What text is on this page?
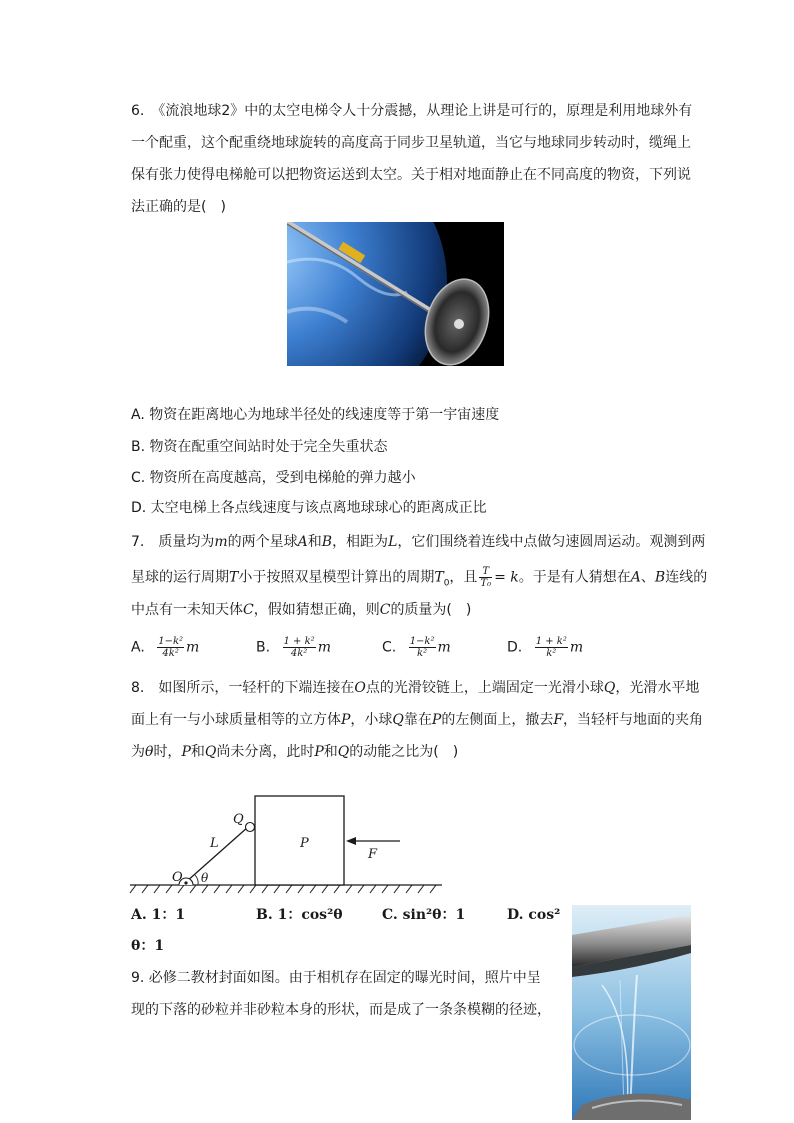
6.　《流浪地球2》中的太空电梯令人十分震撼，从理论上讲是可行的，原理是利用地球外有
一个配重，这个配重绕地球旋转的高度高于同步卫星轨道，当它与地球同步转动时，缆绳上
保有张力使得电梯舱可以把物资运送到太空。关于相对地面静止在不同高度的物资，下列说
法正确的是(　)
A. 物资在距离地心为地球半径处的线速度等于第一宇宙速度
B. 物资在配重空间站时处于完全失重状态
C. 物资所在高度越高，受到电梯舱的弹力越小
D. 太空电梯上各点线速度与该点离地球球心的距离成正比
7.　质量均为m的两个星球A和B，相距为L，它们围绕着连线中点做匀速圆周运动。观测到两
星球的运行周期T小于按照双星模型计算出的周期$T_0$，且 $\frac{T}{\text{T₀}} = k$。于是有人猜想在A、B连线的
中点有一未知天体C，假如猜想正确，则C的质量为(　)
A. $\frac{\text{1−k²}}{\text{4k²}}$ m	B. $\frac{\text{1 + k²}}{\text{4k²}}$ m	C. $\frac{\text{1−k²}}{\text{k²}}$ m	D. $\frac{\text{1 + k²}}{\text{k²}}$ m
8.　如图所示，一轻杆的下端连接在O点的光滑铰链上，上端固定一光滑小球Q，光滑水平地
面上有一与小球质量相等的立方体P，小球Q靠在P的左侧面上，撤去F，当轻杆与地面的夹角
为θ时，P和Q尚未分离，此时P和Q的动能之比为(　)
Q
L	P
F
O θ
A. 1：1	B. 1：cos²θ	C. sin²θ：1	D. cos²
θ：1
9. 必修二教材封面如图。由于相机存在固定的曝光时间，照片中呈
现的下落的砂粒并非砂粒本身的形状，而是成了一条条模糊的径迹，
